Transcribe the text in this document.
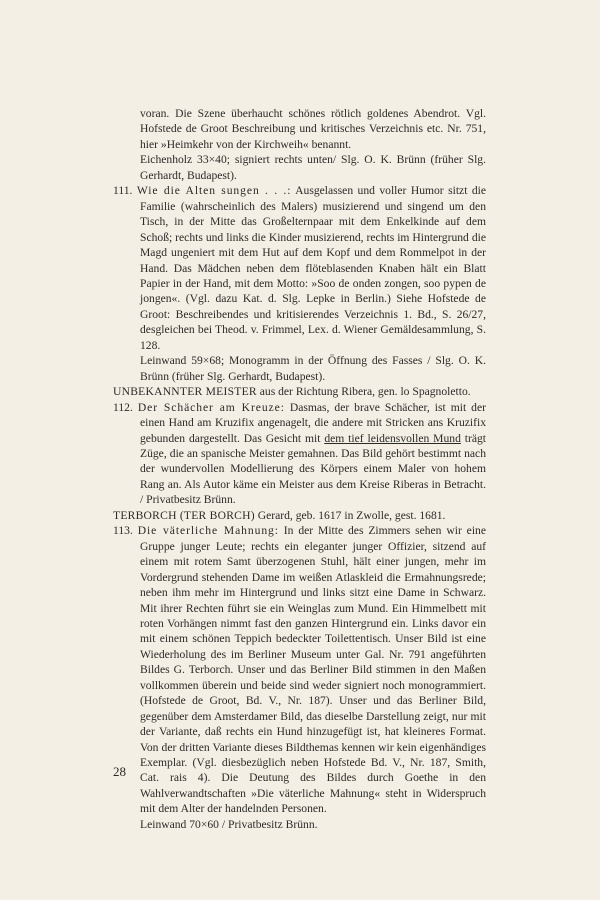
voran. Die Szene überhaucht schönes rötlich goldenes Abendrot. Vgl. Hofstede de Groot Beschreibung und kritisches Verzeichnis etc. Nr. 751, hier »Heimkehr von der Kirchweih« benannt.

Eichenholz 33×40; signiert rechts unten/ Slg. O. K. Brünn (früher Slg. Gerhardt, Budapest).

111. Wie die Alten sungen . . .: Ausgelassen und voller Humor sitzt die Familie (wahrscheinlich des Malers) musizierend und singend um den Tisch, in der Mitte das Großelternpaar mit dem Enkelkinde auf dem Schoß; rechts und links die Kinder musizierend, rechts im Hintergrund die Magd ungeniert mit dem Hut auf dem Kopf und dem Rommelpot in der Hand. Das Mädchen neben dem flöteblasenden Knaben hält ein Blatt Papier in der Hand, mit dem Motto: »Soo de onden zongen, soo pypen de jongen«. (Vgl. dazu Kat. d. Slg. Lepke in Berlin.) Siehe Hofstede de Groot: Beschreibendes und kritisierendes Verzeichnis 1. Bd., S. 26/27, desgleichen bei Theod. v. Frimmel, Lex. d. Wiener Gemäldesammlung, S. 128.

Leinwand 59×68; Monogramm in der Öffnung des Fasses / Slg. O. K. Brünn (früher Slg. Gerhardt, Budapest).

UNBEKANNTER MEISTER aus der Richtung Ribera, gen. lo Spagnoletto.

112. Der Schächer am Kreuze: Dasmas, der brave Schächer, ist mit der einen Hand am Kruzifix angenagelt, die andere mit Stricken ans Kruzifix gebunden dargestellt. Das Gesicht mit dem tief leidensvollen Mund trägt Züge, die an spanische Meister gemahnen. Das Bild gehört bestimmt nach der wundervollen Modellierung des Körpers einem Maler von hohem Rang an. Als Autor käme ein Meister aus dem Kreise Riberas in Betracht. / Privatbesitz Brünn.

TERBORCH (TER BORCH) Gerard, geb. 1617 in Zwolle, gest. 1681.

113. Die väterliche Mahnung: In der Mitte des Zimmers sehen wir eine Gruppe junger Leute; rechts ein eleganter junger Offizier, sitzend auf einem mit rotem Samt überzogenen Stuhl, hält einer jungen, mehr im Vordergrund stehenden Dame im weißen Atlaskleid die Ermahnungsrede; neben ihm mehr im Hintergrund und links sitzt eine Dame in Schwarz. Mit ihrer Rechten führt sie ein Weinglas zum Mund. Ein Himmelbett mit roten Vorhängen nimmt fast den ganzen Hintergrund ein. Links davor ein mit einem schönen Teppich bedeckter Toilettentisch. Unser Bild ist eine Wiederholung des im Berliner Museum unter Gal. Nr. 791 angeführten Bildes G. Terborch. Unser und das Berliner Bild stimmen in den Maßen vollkommen überein und beide sind weder signiert noch monogrammiert. (Hofstede de Groot, Bd. V., Nr. 187). Unser und das Berliner Bild, gegenüber dem Amsterdamer Bild, das dieselbe Darstellung zeigt, nur mit der Variante, daß rechts ein Hund hinzugefügt ist, hat kleineres Format. Von der dritten Variante dieses Bildthemas kennen wir kein eigenhändiges Exemplar. (Vgl. diesbezüglich neben Hofstede Bd. V., Nr. 187, Smith, Cat. rais 4). Die Deutung des Bildes durch Goethe in den Wahlverwandtschaften »Die väterliche Mahnung« steht in Widerspruch mit dem Alter der handelnden Personen.

Leinwand 70×60 / Privatbesitz Brünn.

28
